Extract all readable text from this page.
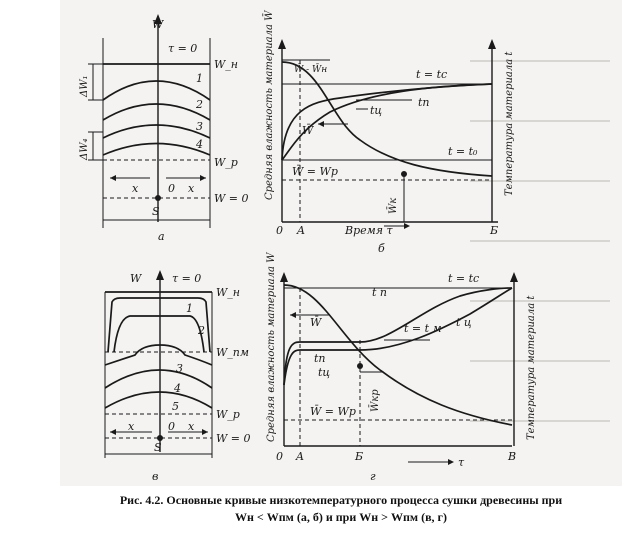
W
τ = 0
W_н
1
2
3
4
W_р
ΔW₁
ΔW₄
x	0 x
W = 0
S
а
Средняя влажность материала W̄	Температура материала t
Время τ
0 A	Б
W̄ - W̄н	t = tс
tп
tц
W̄
t = t₀
W̄ = Wр
W̄к
б
W	τ = 0
W_н
1
2
W_пм
3
4
5
W_р
x	0 x
W = 0
S
в
Средняя влажность материала W	Температура материала t
0 A	Б	В
τ
t = tс
t п
t ц
t = t м
W̄
tп
tц
W̄ = Wр W̄кр
г
Рис. 4.2. Основные кривые низкотемпературного процесса сушки древесины при
Wн < Wпм (а, б) и при Wн > Wпм (в, г)
